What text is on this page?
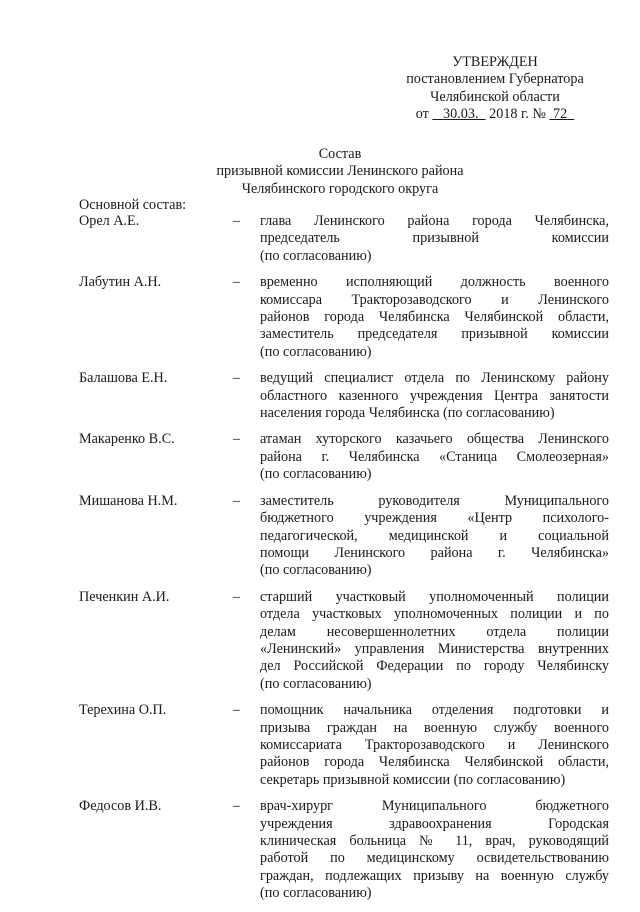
УТВЕРЖДЕН
постановлением Губернатора
Челябинской области
от 30.03. 2018 г. № 72
Состав
призывной комиссии Ленинского района
Челябинского городского округа
Основной состав:
Орел А.Е.	–	глава Ленинского района города Челябинска,
председатель призывной комиссии
(по согласованию)
Лабутин А.Н.	–	временно исполняющий должность военного
комиссара Тракторозаводского и Ленинского
районов города Челябинска Челябинской области,
заместитель председателя призывной комиссии
(по согласованию)
Балашова Е.Н.	–	ведущий специалист отдела по Ленинскому району
областного казенного учреждения Центра занятости
населения города Челябинска (по согласованию)
Макаренко В.С.	–	атаман хуторского казачьего общества Ленинского
района г. Челябинска «Станица Смолеозерная»
(по согласованию)
Мишанова Н.М.	–	заместитель руководителя Муниципального
бюджетного учреждения «Центр психолого-
педагогической, медицинской и социальной
помощи Ленинского района г. Челябинска»
(по согласованию)
Печенкин А.И.	–	старший участковый уполномоченный полиции
отдела участковых уполномоченных полиции и по
делам несовершеннолетних отдела полиции
«Ленинский» управления Министерства внутренних
дел Российской Федерации по городу Челябинску
(по согласованию)
Терехина О.П.	–	помощник начальника отделения подготовки и
призыва граждан на военную службу военного
комиссариата Тракторозаводского и Ленинского
районов города Челябинска Челябинской области,
секретарь призывной комиссии (по согласованию)
Федосов И.В.	–	врач-хирург Муниципального бюджетного
учреждения здравоохранения Городская
клиническая больница № 11, врач, руководящий
работой по медицинскому освидетельствованию
граждан, подлежащих призыву на военную службу
(по согласованию)
